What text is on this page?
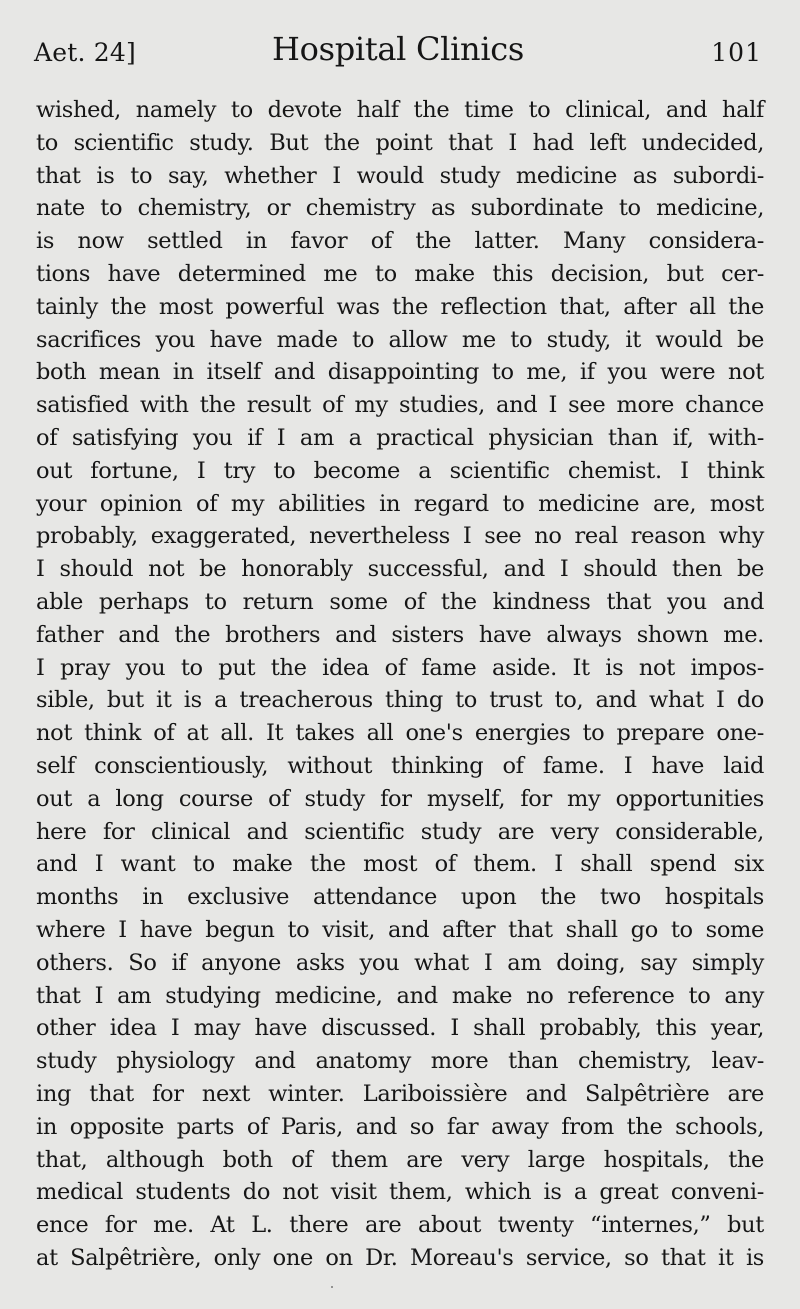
Aet. 24]	Hospital Clinics	101
wished, namely to devote half the time to clinical, and half
to scientific study. But the point that I had left undecided,
that is to say, whether I would study medicine as subordi-
nate to chemistry, or chemistry as subordinate to medicine,
is now settled in favor of the latter. Many considera-
tions have determined me to make this decision, but cer-
tainly the most powerful was the reflection that, after all the
sacrifices you have made to allow me to study, it would be
both mean in itself and disappointing to me, if you were not
satisfied with the result of my studies, and I see more chance
of satisfying you if I am a practical physician than if, with-
out fortune, I try to become a scientific chemist. I think
your opinion of my abilities in regard to medicine are, most
probably, exaggerated, nevertheless I see no real reason why
I should not be honorably successful, and I should then be
able perhaps to return some of the kindness that you and
father and the brothers and sisters have always shown me.
I pray you to put the idea of fame aside. It is not impos-
sible, but it is a treacherous thing to trust to, and what I do
not think of at all. It takes all one's energies to prepare one-
self conscientiously, without thinking of fame. I have laid
out a long course of study for myself, for my opportunities
here for clinical and scientific study are very considerable,
and I want to make the most of them. I shall spend six
months in exclusive attendance upon the two hospitals
where I have begun to visit, and after that shall go to some
others. So if anyone asks you what I am doing, say simply
that I am studying medicine, and make no reference to any
other idea I may have discussed. I shall probably, this year,
study physiology and anatomy more than chemistry, leav-
ing that for next winter. Lariboissière and Salpêtrière are
in opposite parts of Paris, and so far away from the schools,
that, although both of them are very large hospitals, the
medical students do not visit them, which is a great conveni-
ence for me. At L. there are about twenty “internes,” but
at Salpêtrière, only one on Dr. Moreau's service, so that it is
